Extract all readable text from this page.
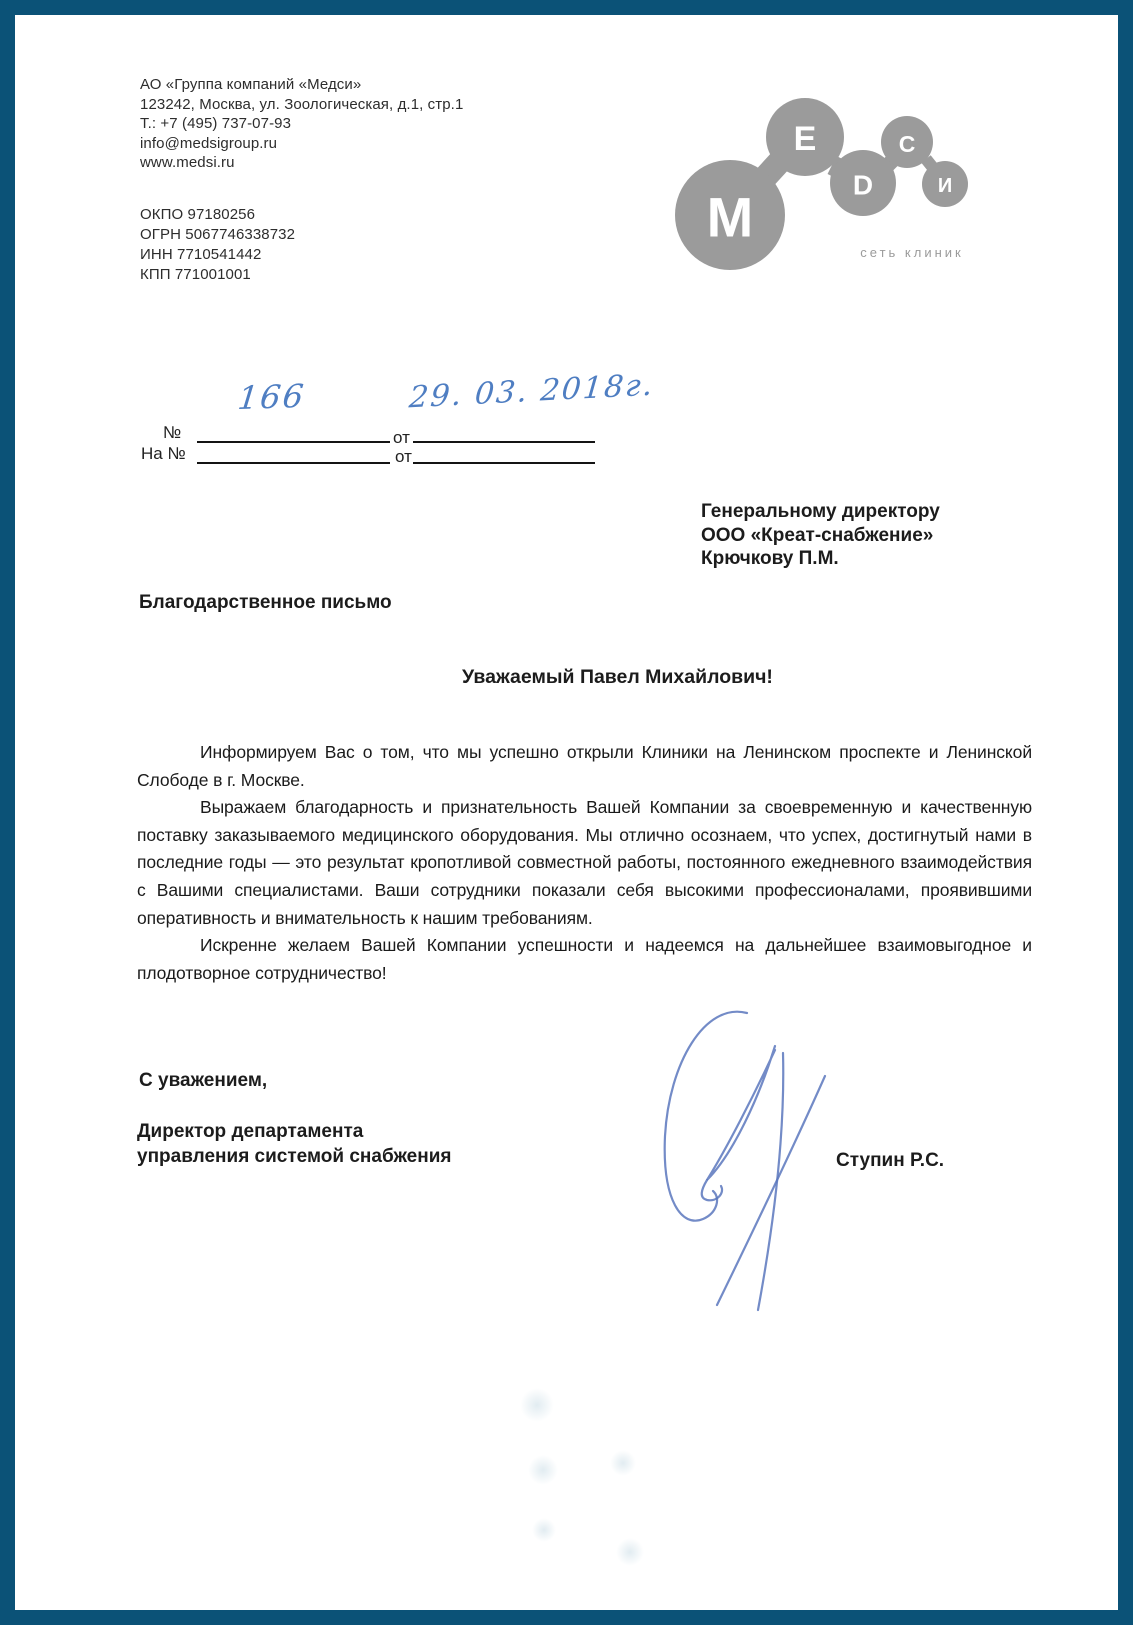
АО «Группа компаний «Медси»
123242, Москва, ул. Зоологическая, д.1, стр.1
Т.: +7 (495) 737-07-93
info@medsigroup.ru
www.medsi.ru
ОКПО 97180256
ОГРН 5067746338732
ИНН 7710541442
КПП 771001001
М
Е
D
С
И
сеть клиник
№
166
от
29. 03. 2018г.
На №	от
Генеральному директору
ООО «Креат-снабжение»
Крючкову П.М.
Благодарственное письмо
Уважаемый Павел Михайлович!

Информируем Вас о том, что мы успешно открыли Клиники на Ленинском проспекте и Ленинской Слободе в г. Москве.

Выражаем благодарность и признательность Вашей Компании за своевременную и качественную поставку заказываемого медицинского оборудования. Мы отлично осознаем, что успех, достигнутый нами в последние годы — это результат кропотливой совместной работы, постоянного ежедневного взаимодействия с Вашими специалистами. Ваши сотрудники показали себя высокими профессионалами, проявившими оперативность и внимательность к нашим требованиям.

Искренне желаем Вашей Компании успешности и надеемся на дальнейшее взаимовыгодное и плодотворное сотрудничество!

С уважением,
Директор департамента
управления системой снабжения	Ступин Р.С.
